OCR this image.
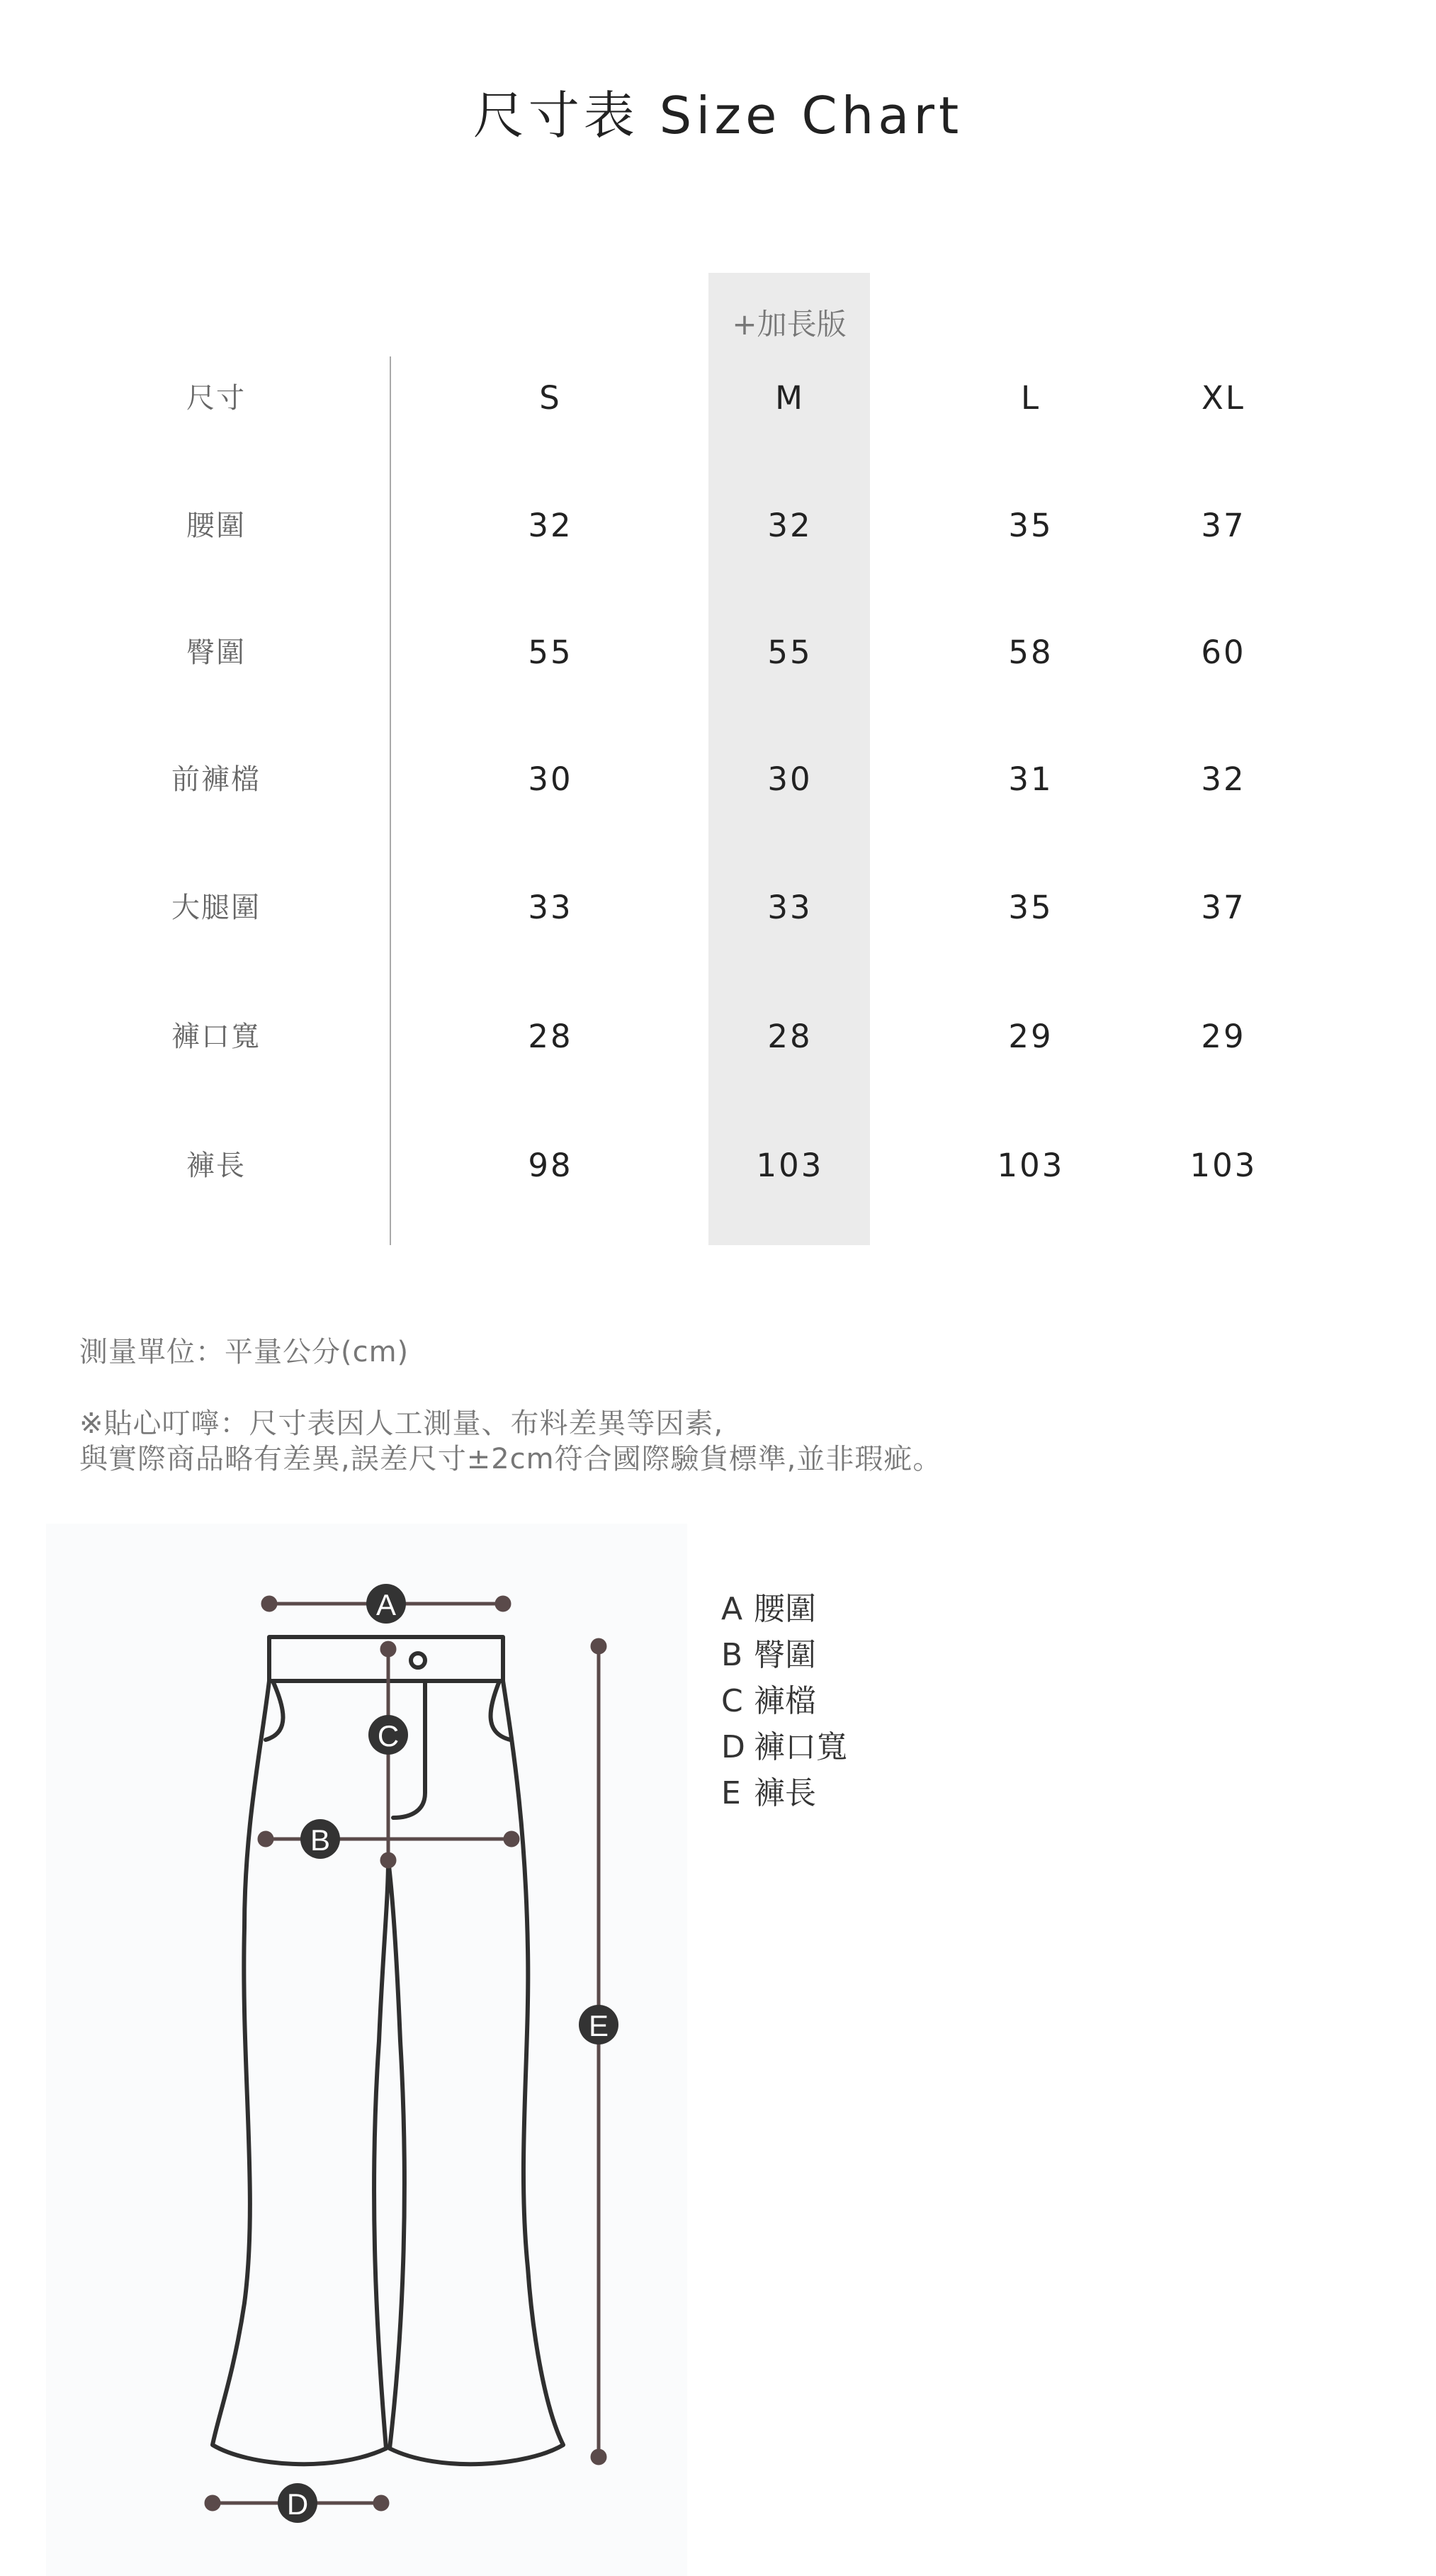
尺寸表 Size Chart
+加長版
尺寸	S	M	L	XL
腰圍	32	32	35	37
臀圍	55	55	58	60
前褲檔	30	30	31	32
大腿圍	33	33	35	37
褲口寬	28	28	29	29
褲長	98	103	103	103
測量單位：平量公分(cm)
※貼心叮嚀：尺寸表因人工測量、布料差異等因素,
與實際商品略有差異,誤差尺寸±2cm符合國際驗貨標準,並非瑕疵。
A
B
C
D
E
A 腰圍
B 臀圍
C 褲檔
D 褲口寬
E 褲長
